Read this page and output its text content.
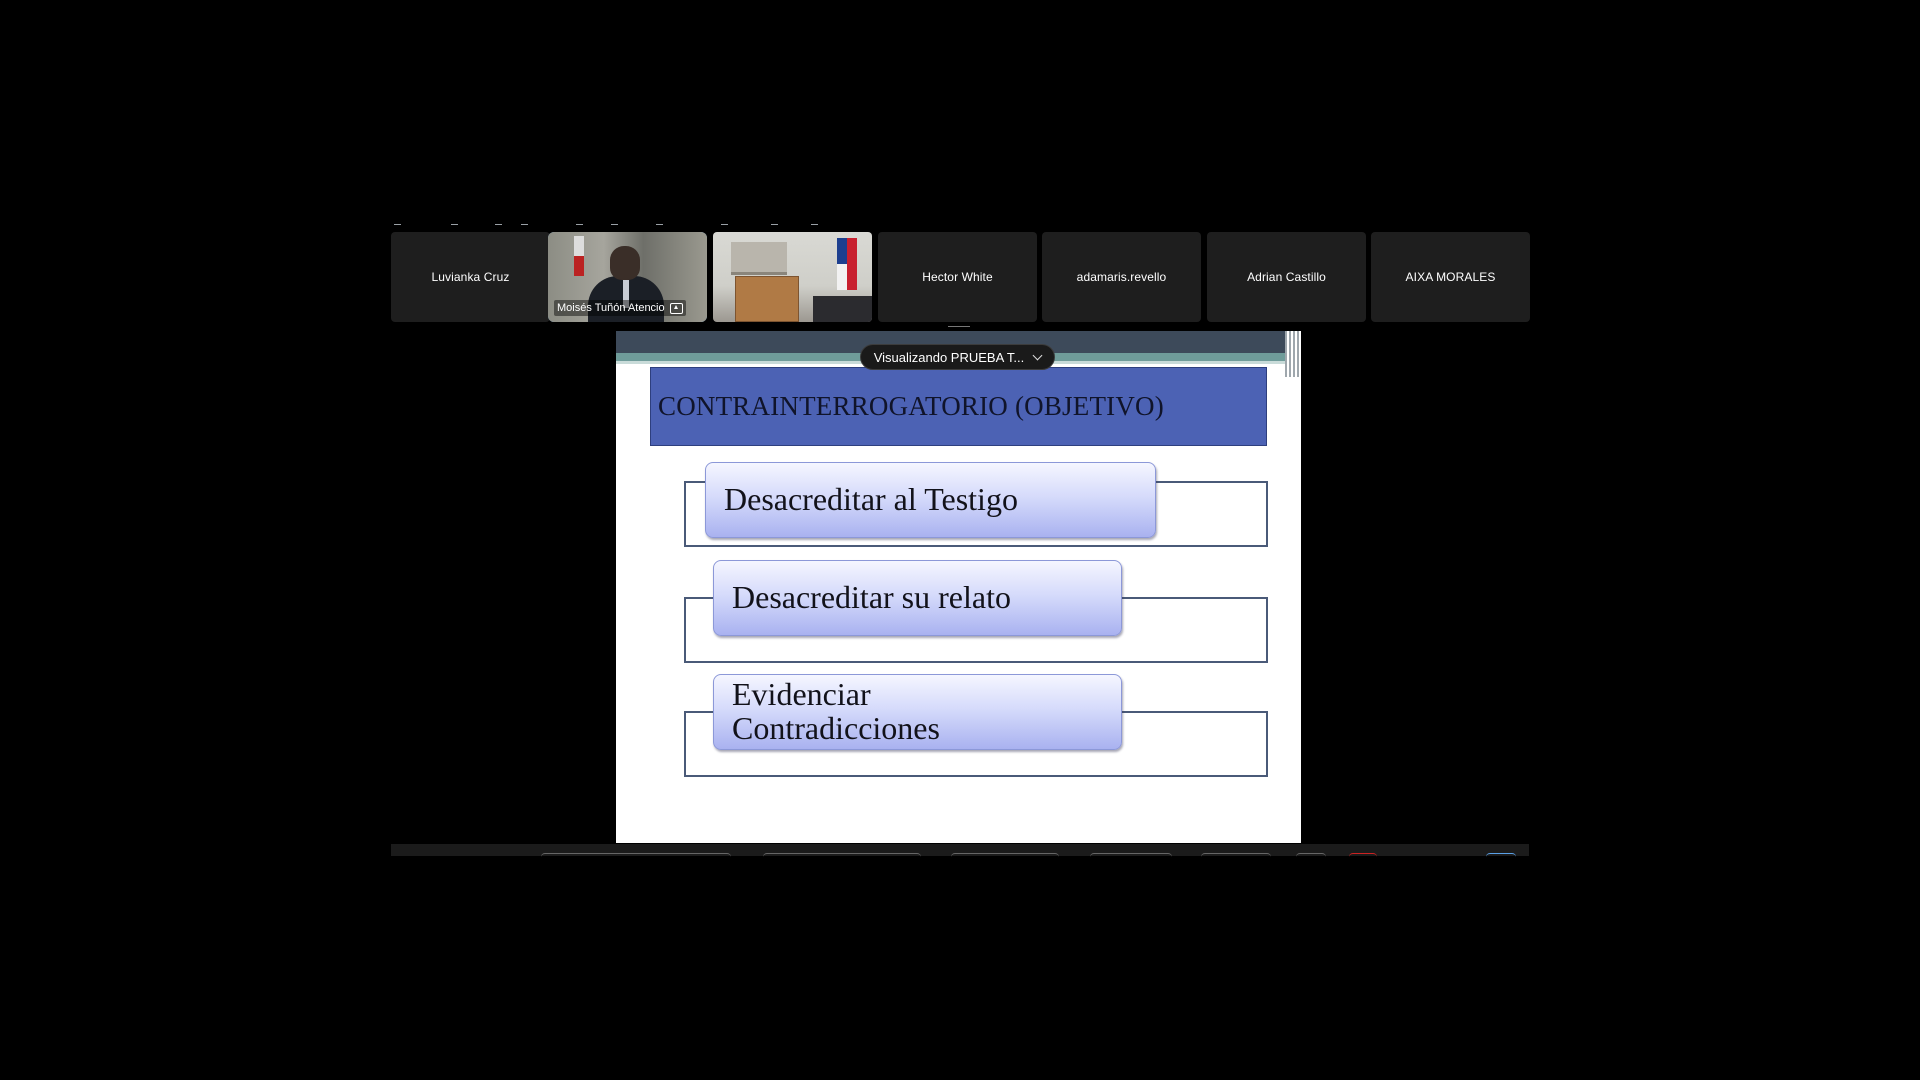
Luvianka Cruz
Moisés Tuñón Atencio
Hector White	adamaris.revello	Adrian Castillo	AIXA MORALES
CONTRAINTERROGATORIO (OBJETIVO)
Desacreditar al Testigo
Desacreditar su relato
Evidenciar
Contradicciones
Visualizando PRUEBA T...
